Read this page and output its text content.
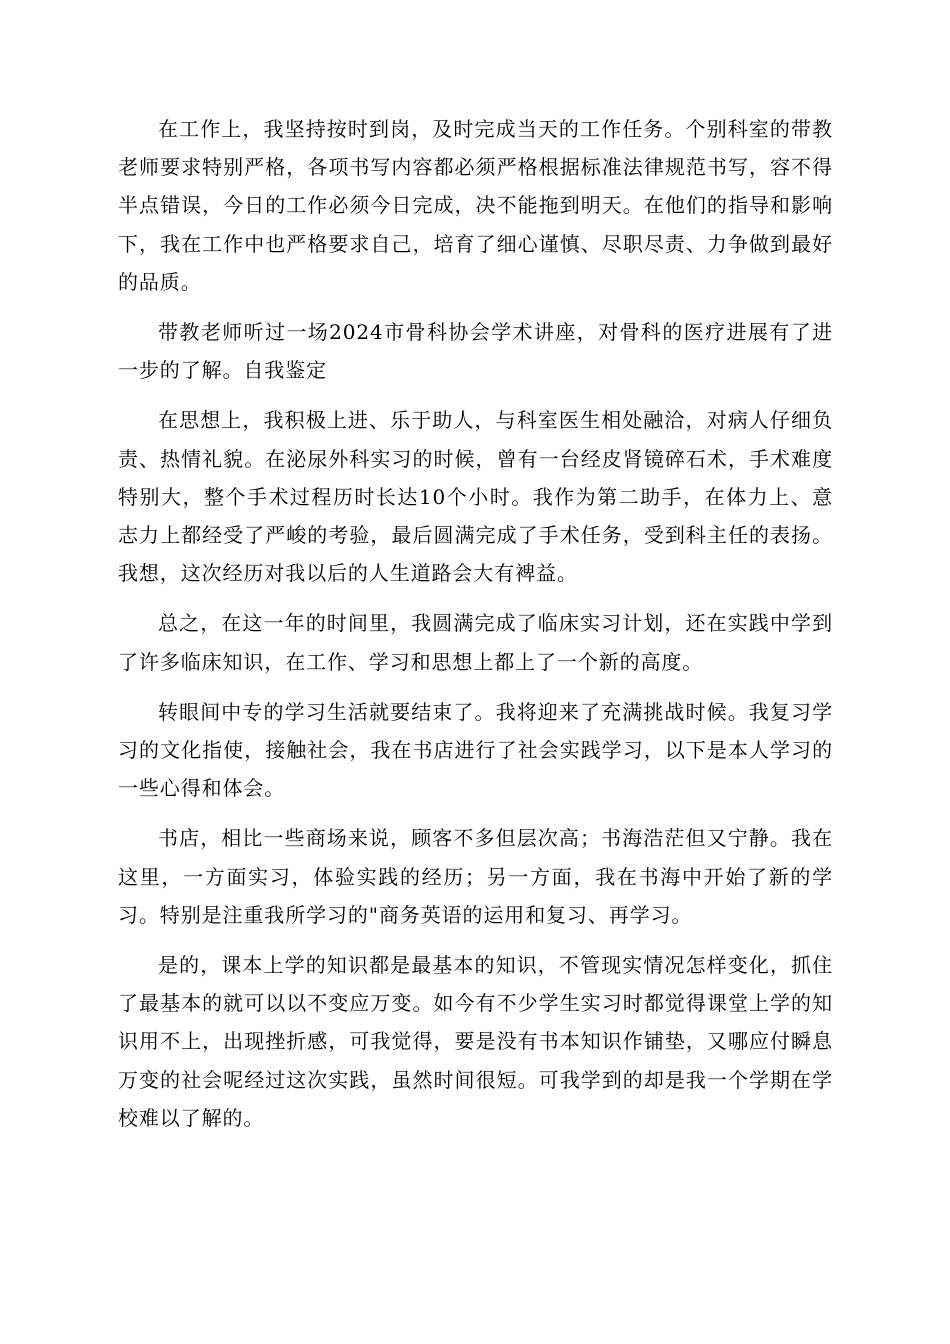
在工作上，我坚持按时到岗，及时完成当天的工作任务。个别科室的带教老师要求特别严格，各项书写内容都必须严格根据标准法律规范书写，容不得半点错误，今日的工作必须今日完成，决不能拖到明天。在他们的指导和影响下，我在工作中也严格要求自己，培育了细心谨慎、尽职尽责、力争做到最好的品质。

带教老师听过一场2024市骨科协会学术讲座，对骨科的医疗进展有了进一步的了解。自我鉴定

在思想上，我积极上进、乐于助人，与科室医生相处融洽，对病人仔细负责、热情礼貌。在泌尿外科实习的时候，曾有一台经皮肾镜碎石术，手术难度特别大，整个手术过程历时长达10个小时。我作为第二助手，在体力上、意志力上都经受了严峻的考验，最后圆满完成了手术任务，受到科主任的表扬。我想，这次经历对我以后的人生道路会大有裨益。

总之，在这一年的时间里，我圆满完成了临床实习计划，还在实践中学到了许多临床知识，在工作、学习和思想上都上了一个新的高度。

转眼间中专的学习生活就要结束了。我将迎来了充满挑战时候。我复习学习的文化指使，接触社会，我在书店进行了社会实践学习，以下是本人学习的一些心得和体会。

书店，相比一些商场来说，顾客不多但层次高；书海浩茫但又宁静。我在这里，一方面实习，体验实践的经历；另一方面，我在书海中开始了新的学习。特别是注重我所学习的"商务英语的运用和复习、再学习。

是的，课本上学的知识都是最基本的知识，不管现实情况怎样变化，抓住了最基本的就可以以不变应万变。如今有不少学生实习时都觉得课堂上学的知识用不上，出现挫折感，可我觉得，要是没有书本知识作铺垫，又哪应付瞬息万变的社会呢经过这次实践，虽然时间很短。可我学到的却是我一个学期在学校难以了解的。
